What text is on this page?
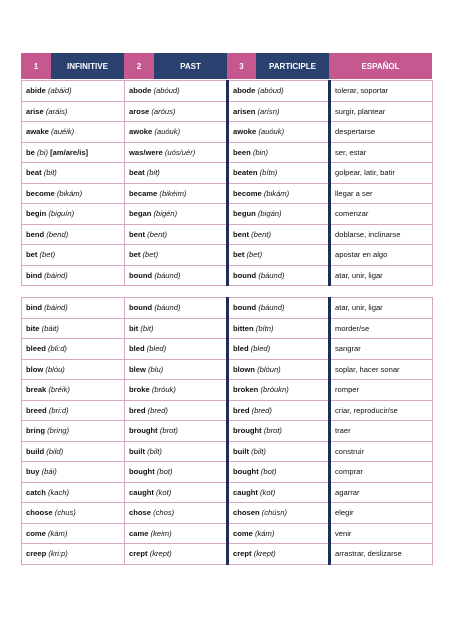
1	INFINITIVE	2	PAST	3	PARTICIPLE	ESPAÑOL
abide (abáid)	abode (abóud)	abode (abóud)	tolerar, soportar
arise (aráis)	arose (aróus)	arisen (arísn)	surgir, plantear
awake (auéik)	awoke (auóuk)	awoke (auóuk)	despertarse
be (bi) [am/are/is]	was/were (uós/uér)	been (bin)	ser, estar
beat (bit)	beat (bit)	beaten (bítn)	golpear, latir, batir
become (bikám)	became (bikéim)	become (bikám)	llegar a ser
begin (biguín)	began (bigén)	begun (bigán)	comenzar
bend (bend)	bent (bent)	bent (bent)	doblarse, inclinarse
bet (bet)	bet (bet)	bet (bet)	apostar en algo
bind (báind)	bound (báund)	bound (báund)	atar, unir, ligar
bind (báind)	bound (báund)	bound (báund)	atar, unir, ligar
bite (báit)	bit (bit)	bitten (bítn)	morder/se
bleed (bli:d)	bled (bled)	bled (bled)	sangrar
blow (blóu)	blew (blu)	blown (blóun)	soplar, hacer sonar
break (bréik)	broke (bróuk)	broken (bróukn)	romper
breed (bri:d)	bred (bred)	bred (bred)	criar, reproducir/se
bring (bring)	brought (brot)	brought (brot)	traer
build (bild)	built (bilt)	built (bilt)	construir
buy (bái)	bought (bot)	bought (bot)	comprar
catch (kach)	caught (kot)	caught (kot)	agarrar
choose (chus)	chose (chos)	chosen (chúsn)	elegir
come (kám)	came (keim)	come (kám)	venir
creep (kri:p)	crept (krept)	crept (krept)	arrastrar, deslizarse
